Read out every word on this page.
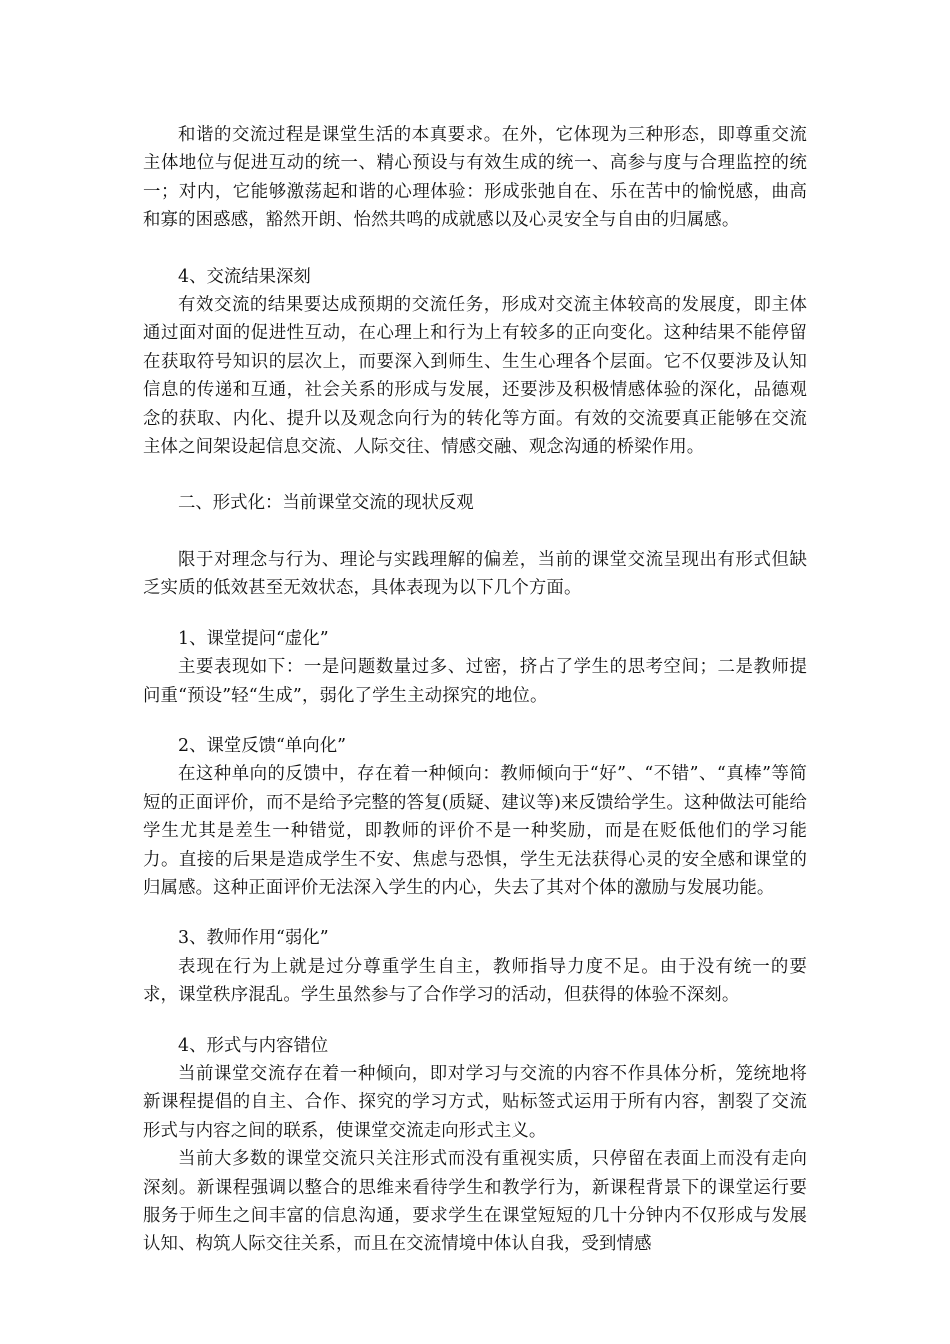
和谐的交流过程是课堂生活的本真要求。在外，它体现为三种形态，即尊重交流主体地位与促进互动的统一、精心预设与有效生成的统一、高参与度与合理监控的统一；对内，它能够激荡起和谐的心理体验：形成张弛自在、乐在苦中的愉悦感，曲高和寡的困惑感，豁然开朗、怡然共鸣的成就感以及心灵安全与自由的归属感。

4、交流结果深刻

有效交流的结果要达成预期的交流任务，形成对交流主体较高的发展度，即主体通过面对面的促进性互动，在心理上和行为上有较多的正向变化。这种结果不能停留在获取符号知识的层次上，而要深入到师生、生生心理各个层面。它不仅要涉及认知信息的传递和互通，社会关系的形成与发展，还要涉及积极情感体验的深化，品德观念的获取、内化、提升以及观念向行为的转化等方面。有效的交流要真正能够在交流主体之间架设起信息交流、人际交往、情感交融、观念沟通的桥梁作用。

二、形式化：当前课堂交流的现状反观

限于对理念与行为、理论与实践理解的偏差，当前的课堂交流呈现出有形式但缺乏实质的低效甚至无效状态，具体表现为以下几个方面。

1、课堂提问“虚化”

主要表现如下：一是问题数量过多、过密，挤占了学生的思考空间；二是教师提问重“预设”轻“生成”，弱化了学生主动探究的地位。

2、课堂反馈“单向化”

在这种单向的反馈中，存在着一种倾向：教师倾向于“好”、“不错”、“真棒”等简短的正面评价，而不是给予完整的答复(质疑、建议等)来反馈给学生。这种做法可能给学生尤其是差生一种错觉，即教师的评价不是一种奖励，而是在贬低他们的学习能力。直接的后果是造成学生不安、焦虑与恐惧，学生无法获得心灵的安全感和课堂的归属感。这种正面评价无法深入学生的内心，失去了其对个体的激励与发展功能。

3、教师作用“弱化”

表现在行为上就是过分尊重学生自主，教师指导力度不足。由于没有统一的要求，课堂秩序混乱。学生虽然参与了合作学习的活动，但获得的体验不深刻。

4、形式与内容错位

当前课堂交流存在着一种倾向，即对学习与交流的内容不作具体分析，笼统地将新课程提倡的自主、合作、探究的学习方式，贴标签式运用于所有内容，割裂了交流形式与内容之间的联系，使课堂交流走向形式主义。

当前大多数的课堂交流只关注形式而没有重视实质，只停留在表面上而没有走向深刻。新课程强调以整合的思维来看待学生和教学行为，新课程背景下的课堂运行要服务于师生之间丰富的信息沟通，要求学生在课堂短短的几十分钟内不仅形成与发展认知、构筑人际交往关系，而且在交流情境中体认自我，受到情感
